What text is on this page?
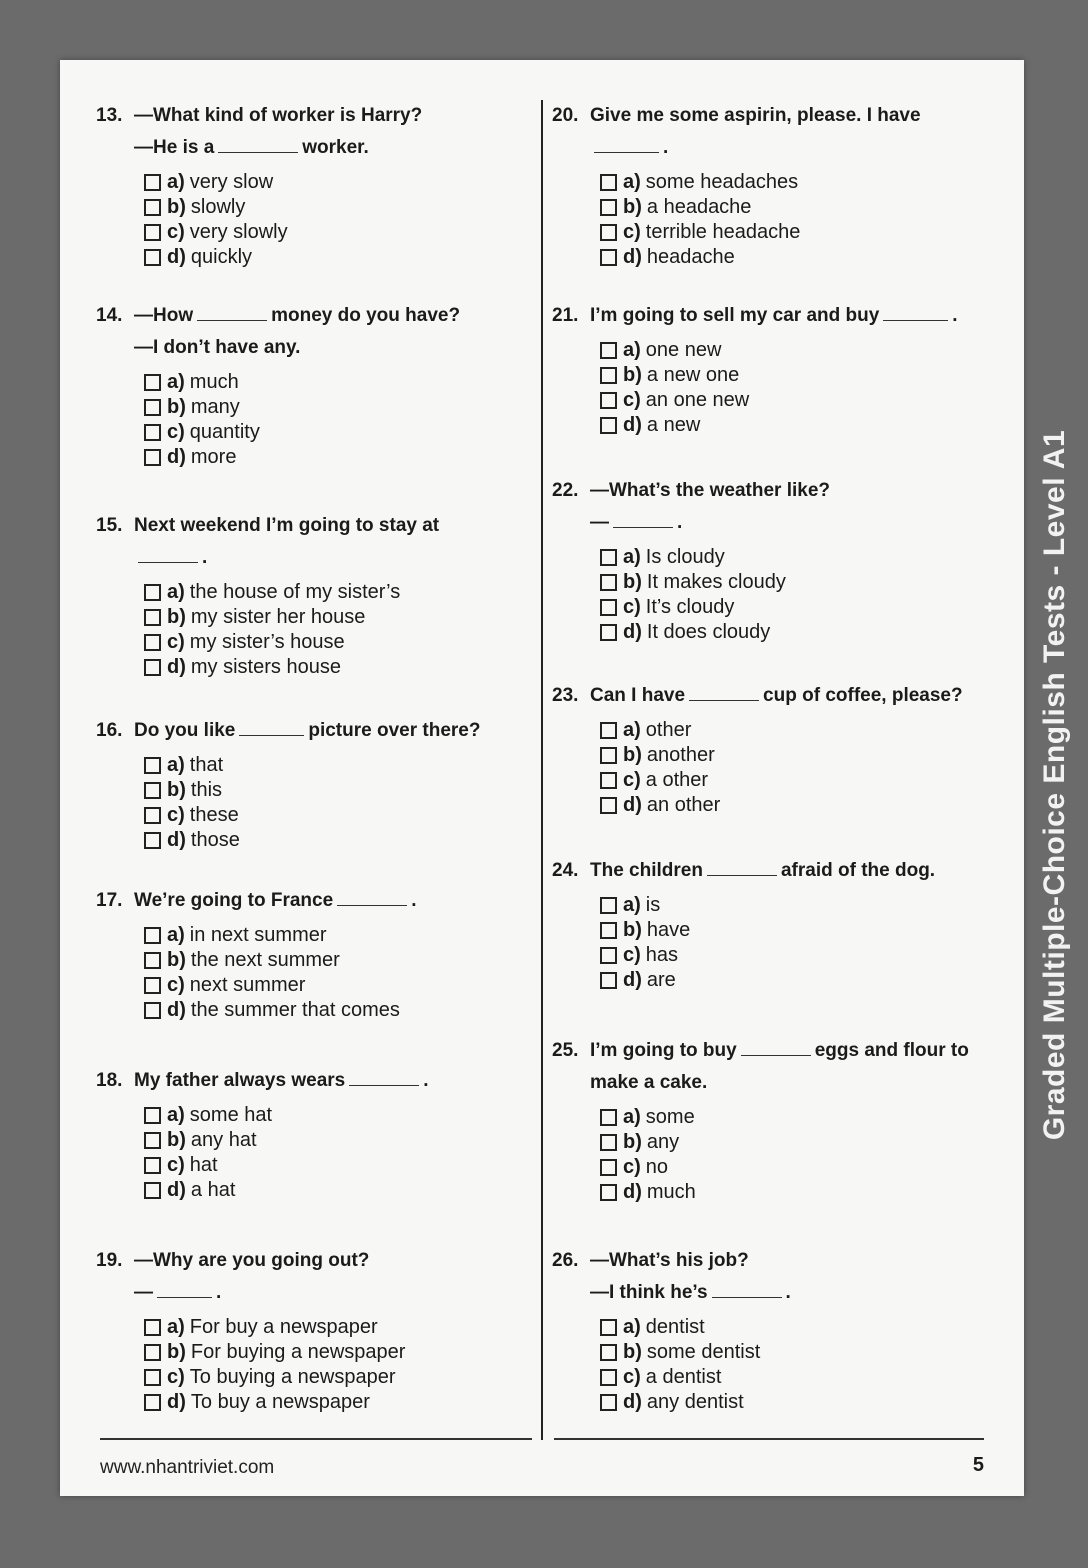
13. —What kind of worker is Harry?
—He is a	worker.
a) very slow
b) slowly
c) very slowly
d) quickly
14. —How	money do you have?
—I don’t have any.
a) much
b) many
c) quantity
d) more
15. Next weekend I’m going to stay at
.
a) the house of my sister’s
b) my sister her house
c) my sister’s house
d) my sisters house
16. Do you like	picture over there?
a) that
b) this
c) these
d) those
17. We’re going to France	.
a) in next summer
b) the next summer
c) next summer
d) the summer that comes
18. My father always wears	.
a) some hat
b) any hat
c) hat
d) a hat
19. —Why are you going out?
—	.
a) For buy a newspaper
b) For buying a newspaper
c) To buying a newspaper
d) To buy a newspaper
20. Give me some aspirin, please. I have
.
a) some headaches
b) a headache
c) terrible headache
d) headache
21. I’m going to sell my car and buy	.
a) one new
b) a new one
c) an one new
d) a new
22. —What’s the weather like?
—	.
a) Is cloudy
b) It makes cloudy
c) It’s cloudy
d) It does cloudy
23. Can I have	cup of coffee, please?
a) other
b) another
c) a other
d) an other
24. The children	afraid of the dog.
a) is
b) have
c) has
d) are
25. I’m going to buy	eggs and flour to
make a cake.
a) some
b) any
c) no
d) much
26. —What’s his job?
—I think he’s	.
a) dentist
b) some dentist
c) a dentist
d) any dentist
www.nhantriviet.com	5
Graded Multiple-Choice English Tests - Level A1
